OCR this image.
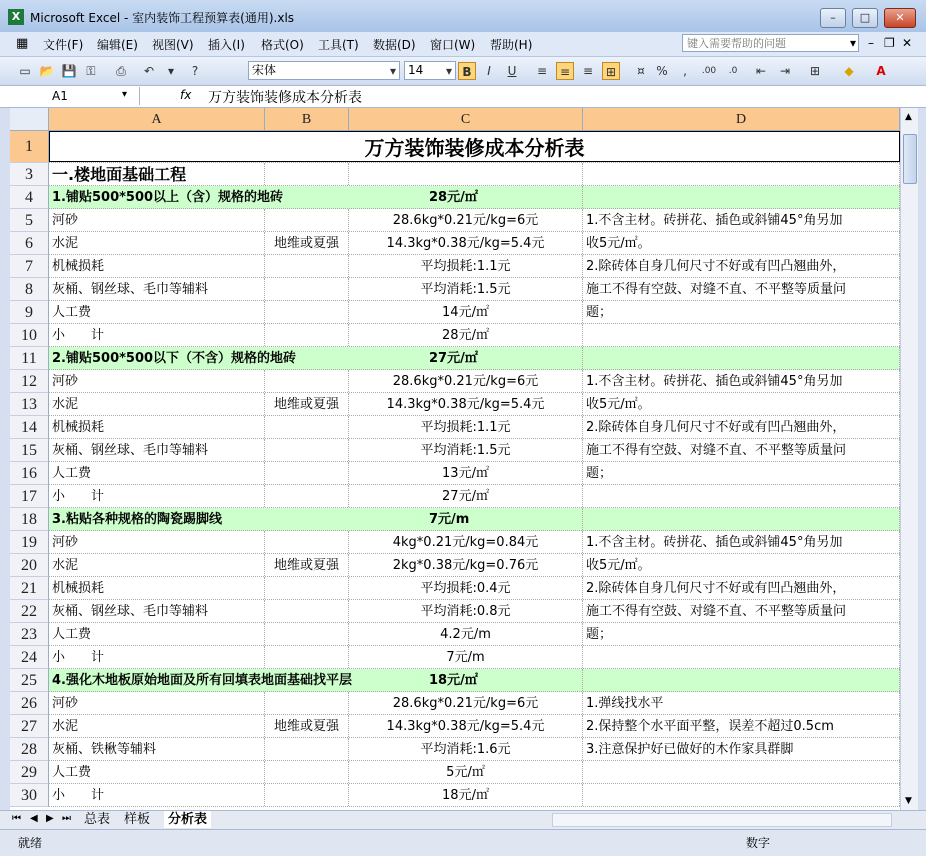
X Microsoft Excel - 室内装饰工程预算表(通用).xls	–	□	✕
▦ 文件(F) 编辑(E) 视图(V) 插入(I) 格式(O) 工具(T) 数据(D) 窗口(W) 帮助(H)	键入需要帮助的问题	▾ – ❐ ✕
▭ 📂 💾 ⚿	⎙	↶	▾	?	宋体	▾ 14	▾ B	I	U	≡	≡	≡	⊞	¤ %	,	.00	.0	⇤	⇥	⊞	◆	A
A1	▾	fx 万方装饰装修成本分析表
A	B	C	D
1	万方装饰装修成本分析表
3	一.楼地面基础工程
4	1.铺贴500*500以上（含）规格的地砖	28元/㎡
5	河砂	28.6kg*0.21元/kg=6元	1.不含主材。砖拼花、插色或斜铺45°角另加
6	水泥	地维或夏强	14.3kg*0.38元/kg=5.4元	收5元/㎡。
7	机械损耗	平均损耗:1.1元	2.除砖体自身几何尺寸不好或有凹凸翘曲外，
8	灰桶、钢丝球、毛巾等辅料	平均消耗:1.5元	施工不得有空鼓、对缝不直、不平整等质量问
9	人工费	14元/㎡	题；
10	小　　计	28元/㎡
11	2.铺贴500*500以下（不含）规格的地砖	27元/㎡
12	河砂	28.6kg*0.21元/kg=6元	1.不含主材。砖拼花、插色或斜铺45°角另加
13	水泥	地维或夏强	14.3kg*0.38元/kg=5.4元	收5元/㎡。
14	机械损耗	平均损耗:1.1元	2.除砖体自身几何尺寸不好或有凹凸翘曲外，
15	灰桶、钢丝球、毛巾等辅料	平均消耗:1.5元	施工不得有空鼓、对缝不直、不平整等质量问
16	人工费	13元/㎡	题；
17	小　　计	27元/㎡
18	3.粘贴各种规格的陶瓷踢脚线	7元/m
19	河砂	4kg*0.21元/kg=0.84元	1.不含主材。砖拼花、插色或斜铺45°角另加
20	水泥	地维或夏强	2kg*0.38元/kg=0.76元	收5元/㎡。
21	机械损耗	平均损耗:0.4元	2.除砖体自身几何尺寸不好或有凹凸翘曲外，
22	灰桶、钢丝球、毛巾等辅料	平均消耗:0.8元	施工不得有空鼓、对缝不直、不平整等质量问
23	人工费	4.2元/m	题；
24	小　　计	7元/m
25	4.强化木地板原始地面及所有回填表地面基础找平层	18元/㎡
26	河砂	28.6kg*0.21元/kg=6元	1.弹线找水平
27	水泥	地维或夏强	14.3kg*0.38元/kg=5.4元	2.保持整个水平面平整，误差不超过0.5cm
28	灰桶、铁楸等辅料	平均消耗:1.6元	3.注意保护好已做好的木作家具群脚
29	人工费	5元/㎡
30	小　　计	18元/㎡
▲
▼
⏮ ◀ ▶ ⏭ 总表 样板	分析表
就绪	数字
